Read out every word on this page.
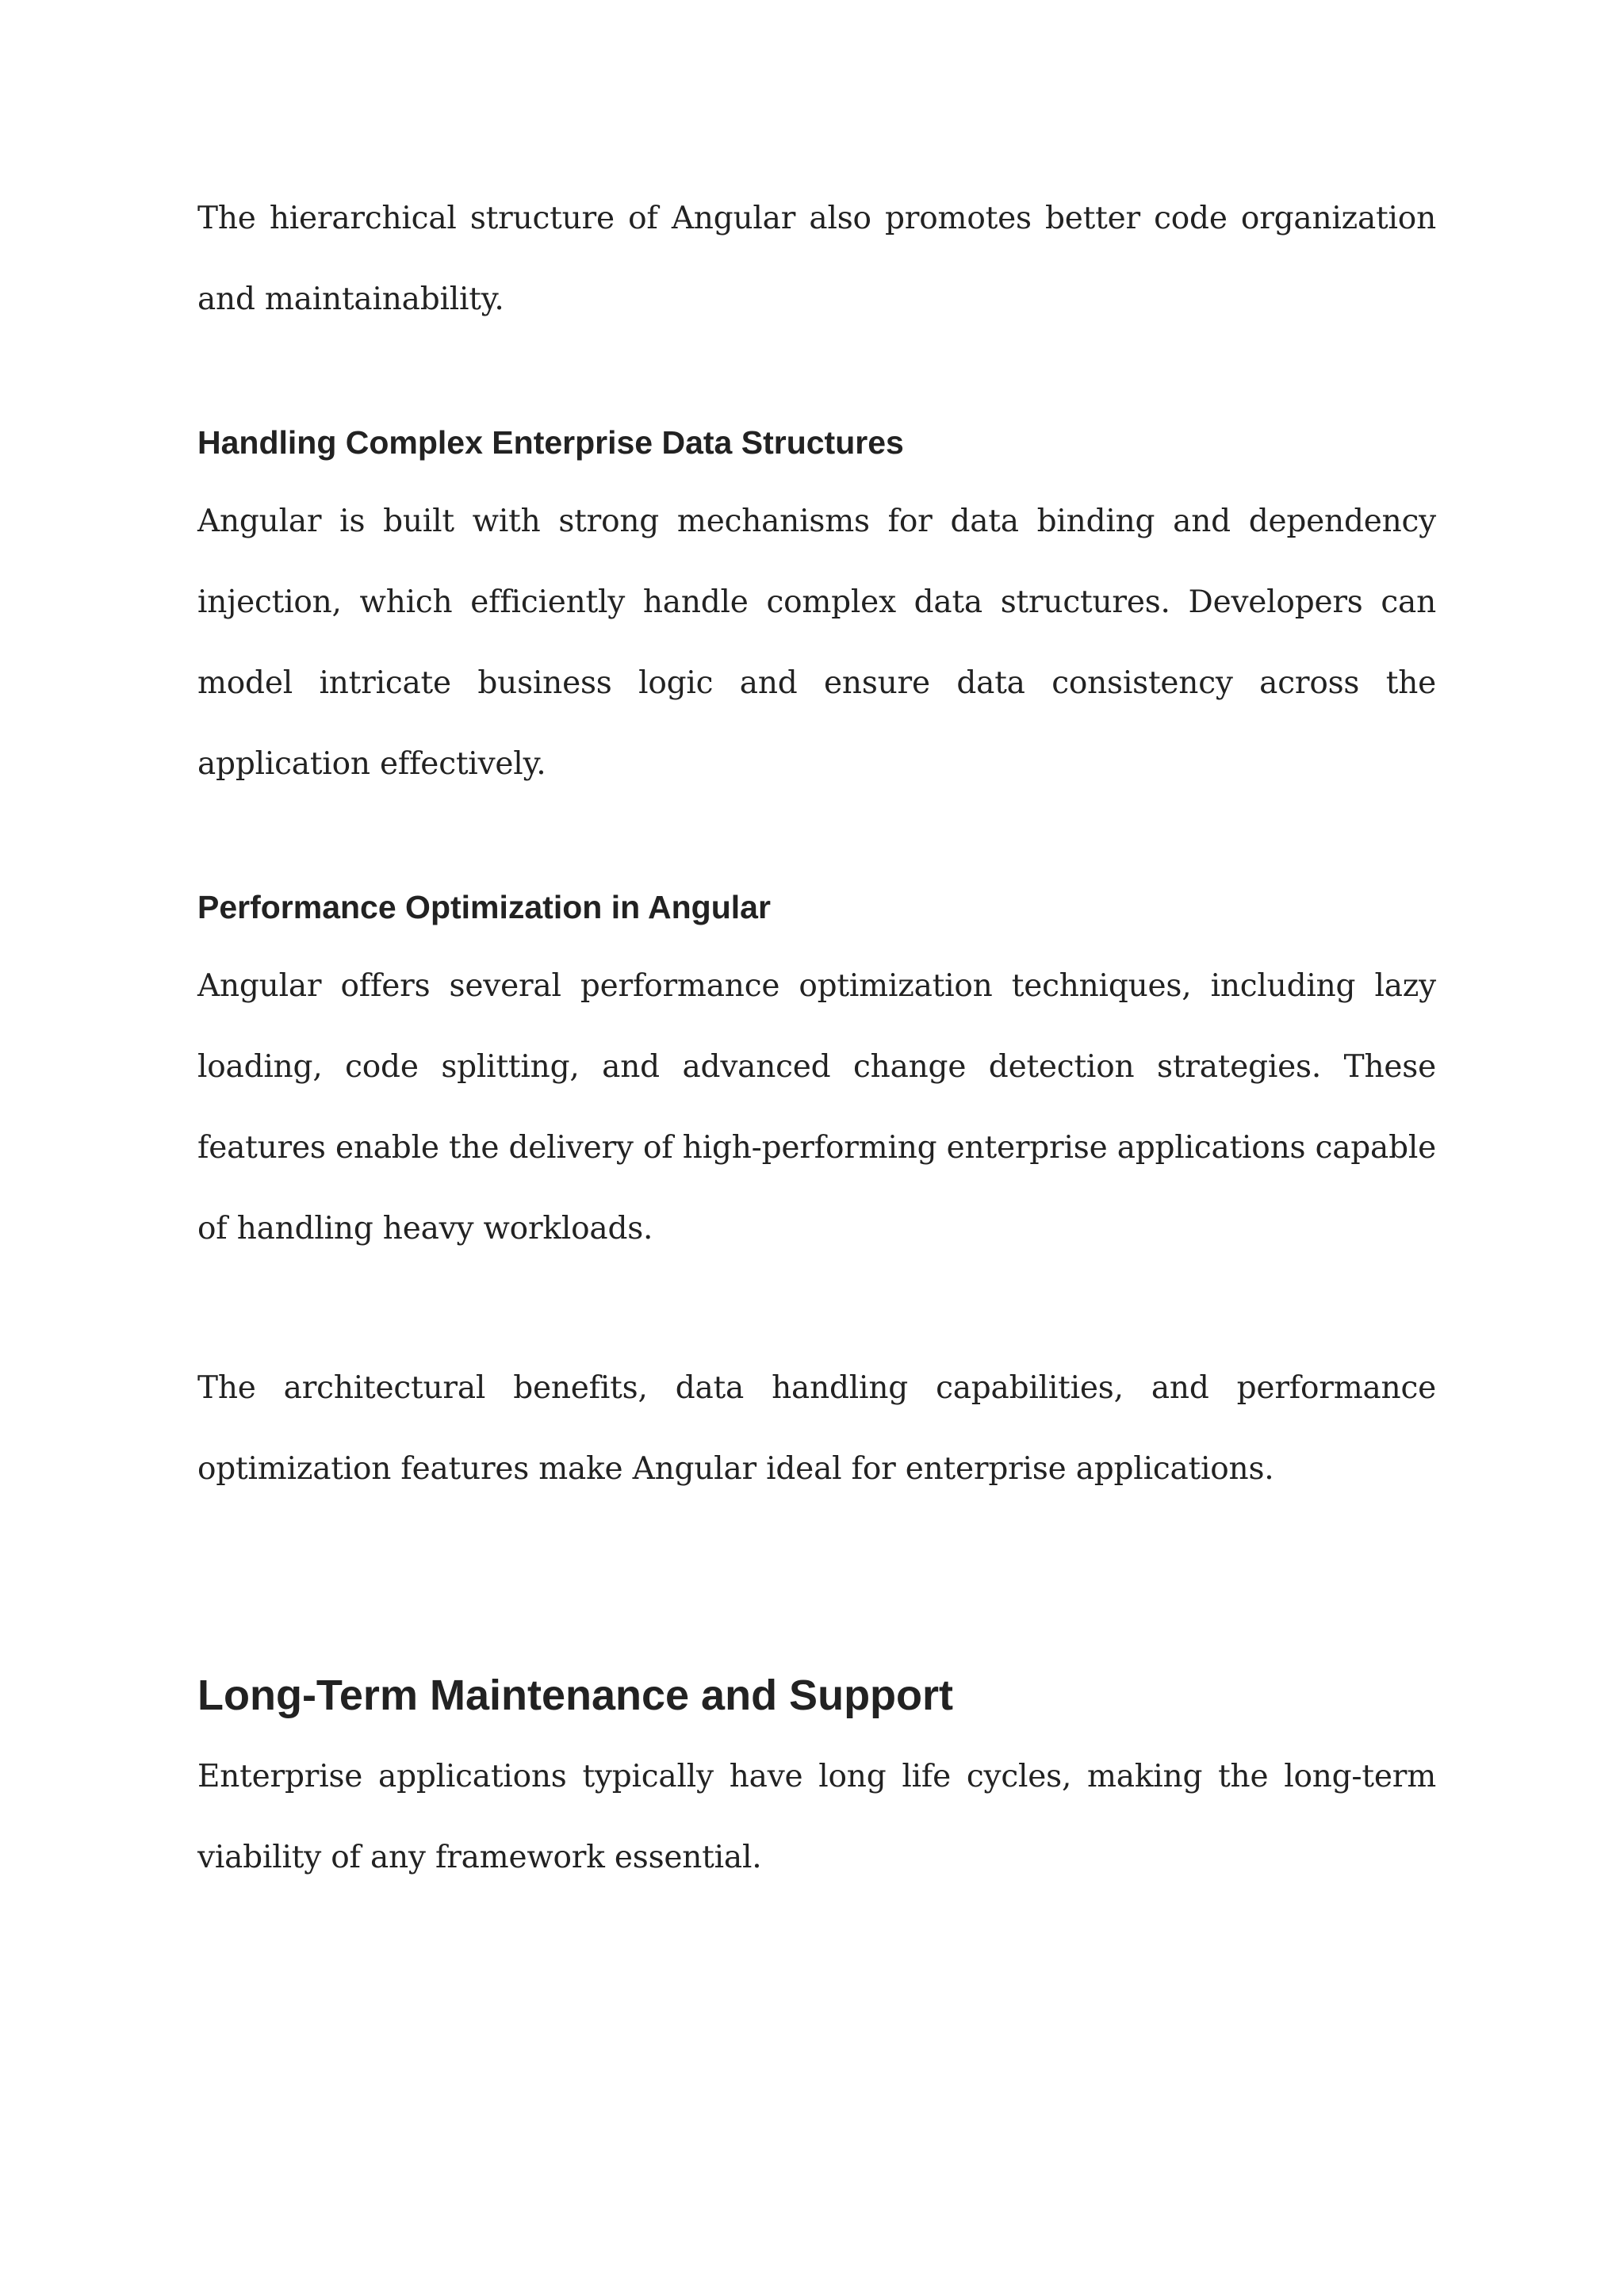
The hierarchical structure of Angular also promotes better code organization and maintainability.

Handling Complex Enterprise Data Structures

Angular is built with strong mechanisms for data binding and dependency injection, which efficiently handle complex data structures. Developers can model intricate business logic and ensure data consistency across the application effectively.

Performance Optimization in Angular

Angular offers several performance optimization techniques, including lazy loading, code splitting, and advanced change detection strategies. These features enable the delivery of high-performing enterprise applications capable of handling heavy workloads.

The architectural benefits, data handling capabilities, and performance optimization features make Angular ideal for enterprise applications.

Long-Term Maintenance and Support

Enterprise applications typically have long life cycles, making the long-term viability of any framework essential.
